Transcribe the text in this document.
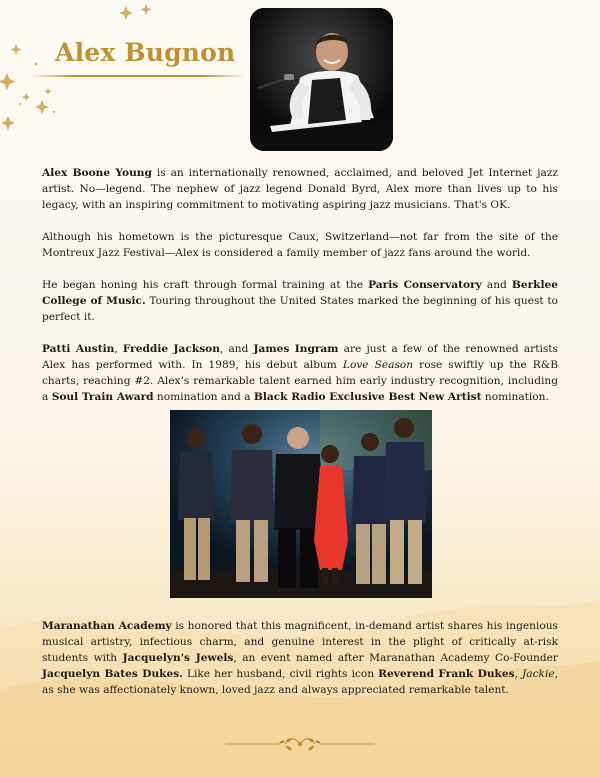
Alex Bugnon

Alex Boone Young is an internationally renowned, acclaimed, and beloved Jet Internet jazz artist. No—legend. The nephew of jazz legend Donald Byrd, Alex more than lives up to his legacy, with an inspiring commitment to motivating aspiring jazz musicians. That's OK.

Although his hometown is the picturesque Caux, Switzerland—not far from the site of the Montreux Jazz Festival—Alex is considered a family member of jazz fans around the world.

He began honing his craft through formal training at the Paris Conservatory and Berklee College of Music. Touring throughout the United States marked the beginning of his quest to perfect it.

Patti Austin, Freddie Jackson, and James Ingram are just a few of the renowned artists Alex has performed with. In 1989, his debut album Love Season rose swiftly up the R&B charts, reaching #2. Alex’s remarkable talent earned him early industry recognition, including a Soul Train Award nomination and a Black Radio Exclusive Best New Artist nomination.

Maranathan Academy is honored that this magnificent, in-demand artist shares his ingenious musical artistry, infectious charm, and genuine interest in the plight of critically at-risk students with Jacquelyn's Jewels, an event named after Maranathan Academy Co-Founder Jacquelyn Bates Dukes. Like her husband, civil rights icon Reverend Frank Dukes, Jackie, as she was affectionately known, loved jazz and always appreciated remarkable talent.
